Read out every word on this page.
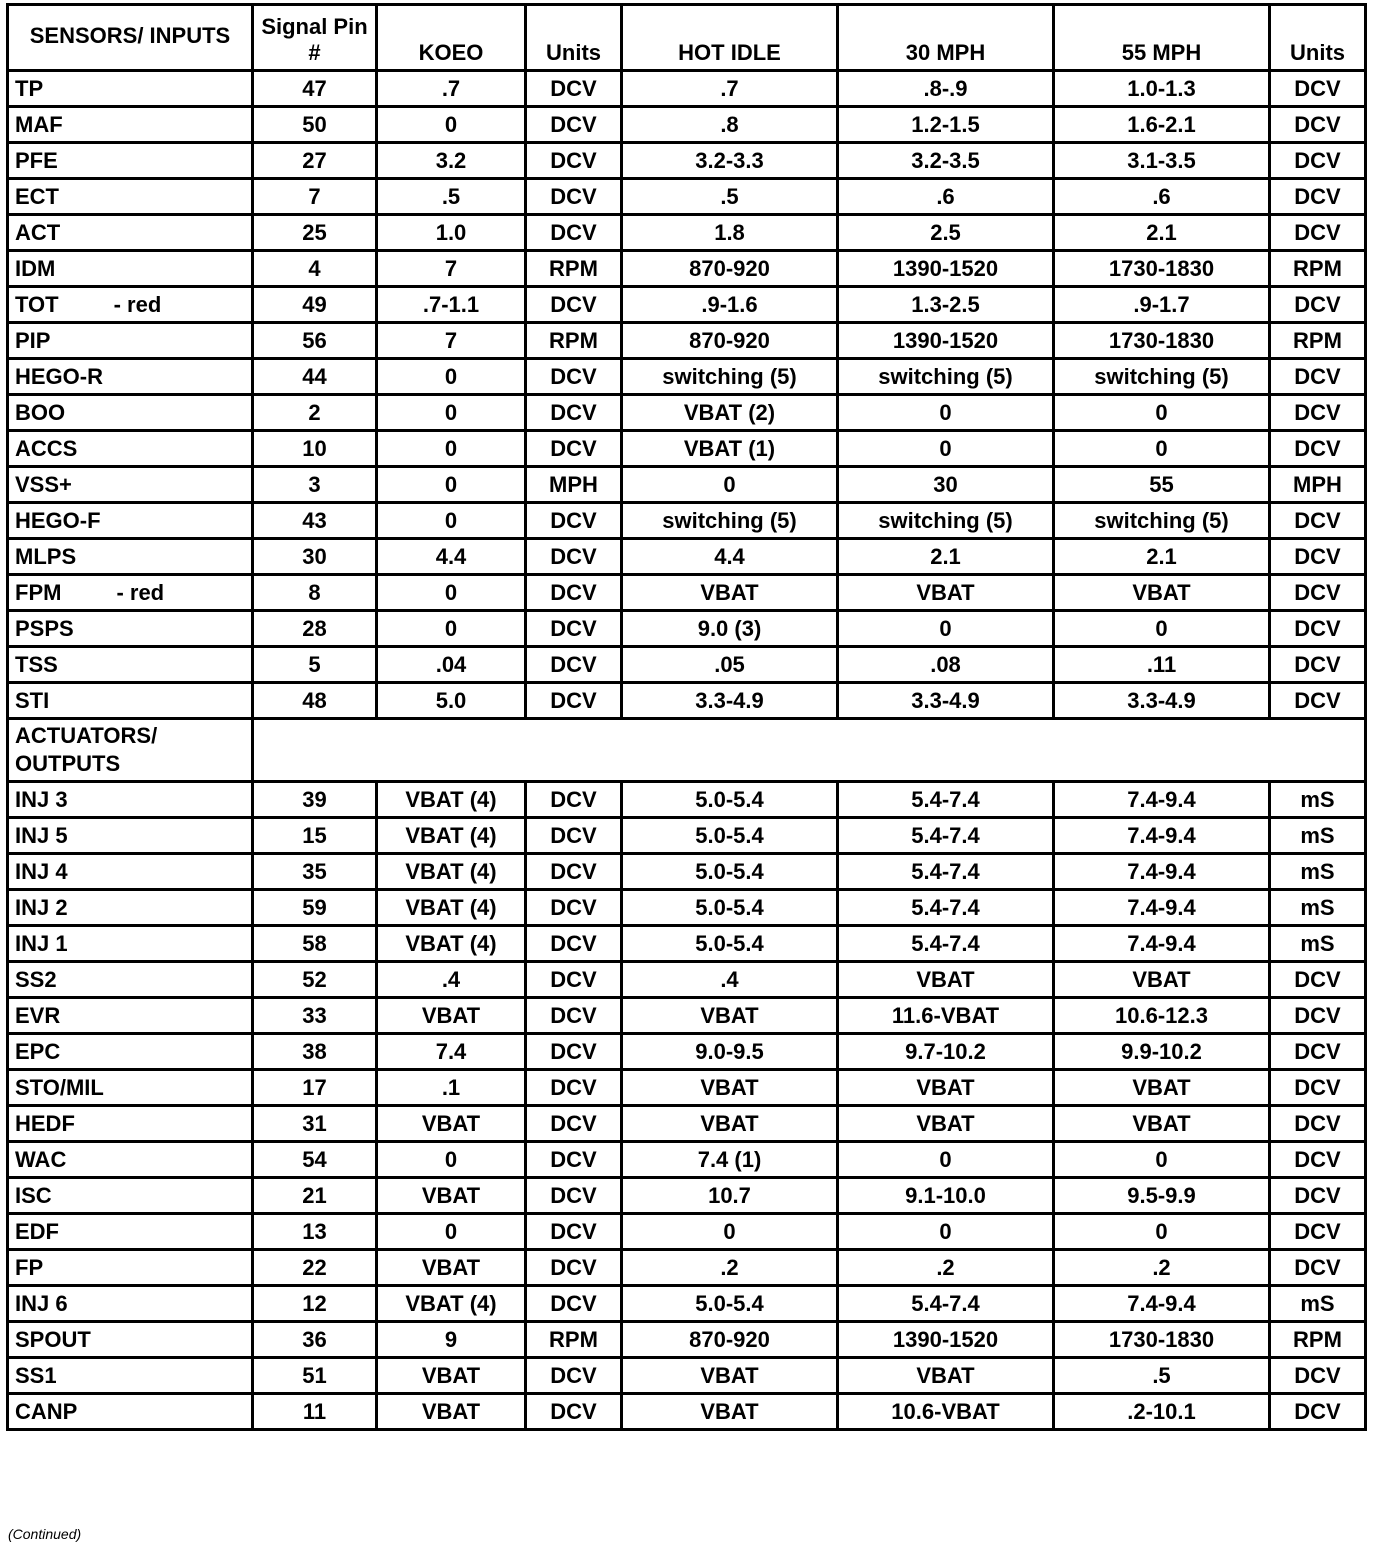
SENSORS/ INPUTS	Signal Pin #	KOEO	Units	HOT IDLE	30 MPH	55 MPH	Units
TP	47	.7	DCV	.7	.8-.9	1.0-1.3	DCV
MAF	50	0	DCV	.8	1.2-1.5	1.6-2.1	DCV
PFE	27	3.2	DCV	3.2-3.3	3.2-3.5	3.1-3.5	DCV
ECT	7	.5	DCV	.5	.6	.6	DCV
ACT	25	1.0	DCV	1.8	2.5	2.1	DCV
IDM	4	7	RPM	870-920	1390-1520	1730-1830	RPM
TOT         - red	49	.7-1.1	DCV	.9-1.6	1.3-2.5	.9-1.7	DCV
PIP	56	7	RPM	870-920	1390-1520	1730-1830	RPM
HEGO-R	44	0	DCV	switching (5)	switching (5)	switching (5)	DCV
BOO	2	0	DCV	VBAT (2)	0	0	DCV
ACCS	10	0	DCV	VBAT (1)	0	0	DCV
VSS+	3	0	MPH	0	30	55	MPH
HEGO-F	43	0	DCV	switching (5)	switching (5)	switching (5)	DCV
MLPS	30	4.4	DCV	4.4	2.1	2.1	DCV
FPM         - red	8	0	DCV	VBAT	VBAT	VBAT	DCV
PSPS	28	0	DCV	9.0 (3)	0	0	DCV
TSS	5	.04	DCV	.05	.08	.11	DCV
STI	48	5.0	DCV	3.3-4.9	3.3-4.9	3.3-4.9	DCV
ACTUATORS/ OUTPUTS							
INJ 3	39	VBAT (4)	DCV	5.0-5.4	5.4-7.4	7.4-9.4	mS
INJ 5	15	VBAT (4)	DCV	5.0-5.4	5.4-7.4	7.4-9.4	mS
INJ 4	35	VBAT (4)	DCV	5.0-5.4	5.4-7.4	7.4-9.4	mS
INJ 2	59	VBAT (4)	DCV	5.0-5.4	5.4-7.4	7.4-9.4	mS
INJ 1	58	VBAT (4)	DCV	5.0-5.4	5.4-7.4	7.4-9.4	mS
SS2	52	.4	DCV	.4	VBAT	VBAT	DCV
EVR	33	VBAT	DCV	VBAT	11.6-VBAT	10.6-12.3	DCV
EPC	38	7.4	DCV	9.0-9.5	9.7-10.2	9.9-10.2	DCV
STO/MIL	17	.1	DCV	VBAT	VBAT	VBAT	DCV
HEDF	31	VBAT	DCV	VBAT	VBAT	VBAT	DCV
WAC	54	0	DCV	7.4 (1)	0	0	DCV
ISC	21	VBAT	DCV	10.7	9.1-10.0	9.5-9.9	DCV
EDF	13	0	DCV	0	0	0	DCV
FP	22	VBAT	DCV	.2	.2	.2	DCV
INJ 6	12	VBAT (4)	DCV	5.0-5.4	5.4-7.4	7.4-9.4	mS
SPOUT	36	9	RPM	870-920	1390-1520	1730-1830	RPM
SS1	51	VBAT	DCV	VBAT	VBAT	.5	DCV
CANP	11	VBAT	DCV	VBAT	10.6-VBAT	.2-10.1	DCV
(Continued)
